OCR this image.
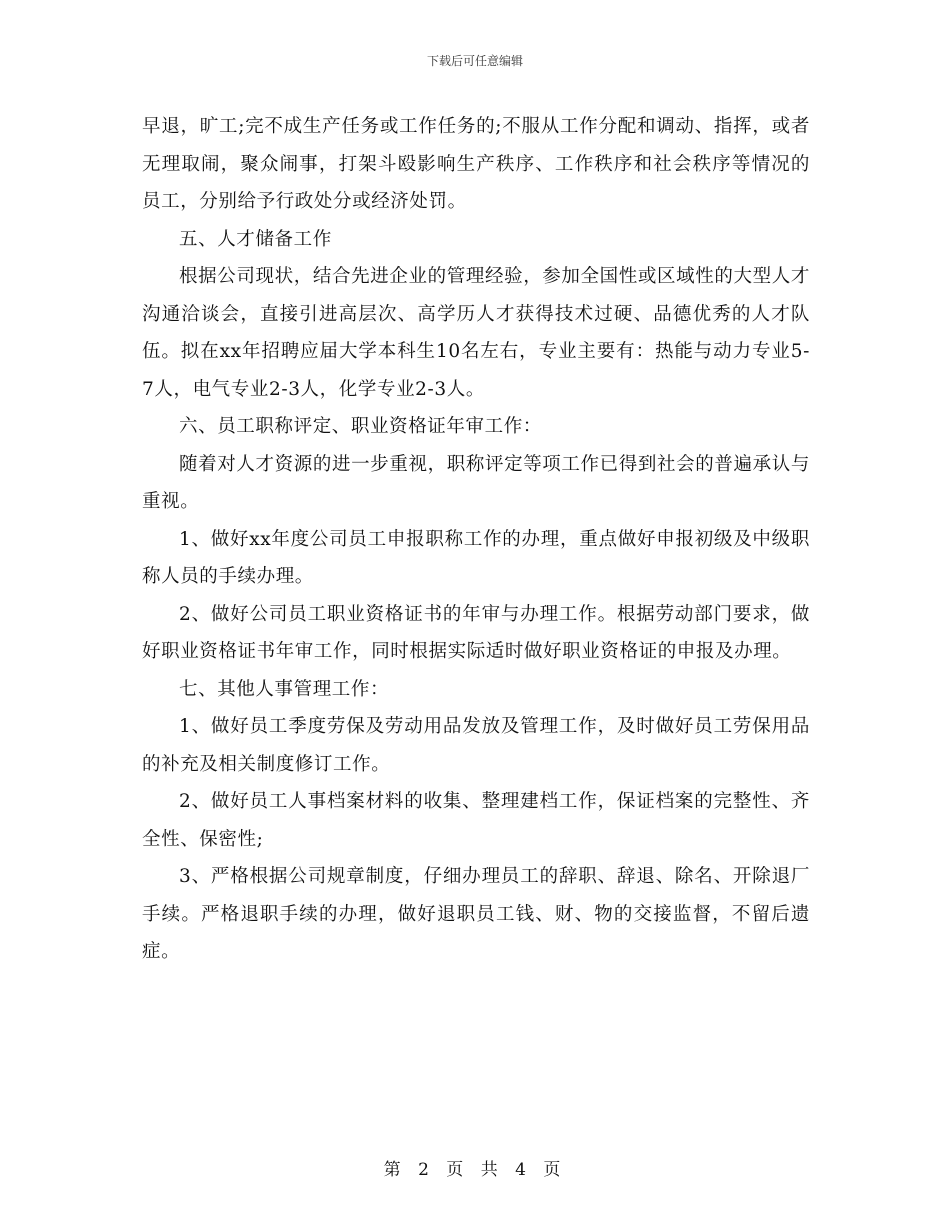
下载后可任意编辑

早退，旷工;完不成生产任务或工作任务的;不服从工作分配和调动、指挥，或者无理取闹，聚众闹事，打架斗殴影响生产秩序、工作秩序和社会秩序等情况的员工，分别给予行政处分或经济处罚。

五、人才储备工作

根据公司现状，结合先进企业的管理经验，参加全国性或区域性的大型人才沟通洽谈会，直接引进高层次、高学历人才获得技术过硬、品德优秀的人才队伍。拟在xx年招聘应届大学本科生10名左右，专业主要有：热能与动力专业5-7人，电气专业2-3人，化学专业2-3人。

六、员工职称评定、职业资格证年审工作：

随着对人才资源的进一步重视，职称评定等项工作已得到社会的普遍承认与重视。

1、做好xx年度公司员工申报职称工作的办理，重点做好申报初级及中级职称人员的手续办理。

2、做好公司员工职业资格证书的年审与办理工作。根据劳动部门要求，做好职业资格证书年审工作，同时根据实际适时做好职业资格证的申报及办理。

七、其他人事管理工作：

1、做好员工季度劳保及劳动用品发放及管理工作，及时做好员工劳保用品的补充及相关制度修订工作。

2、做好员工人事档案材料的收集、整理建档工作，保证档案的完整性、齐全性、保密性;

3、严格根据公司规章制度，仔细办理员工的辞职、辞退、除名、开除退厂手续。严格退职手续的办理，做好退职员工钱、财、物的交接监督，不留后遗症。

第 2 页 共 4 页
